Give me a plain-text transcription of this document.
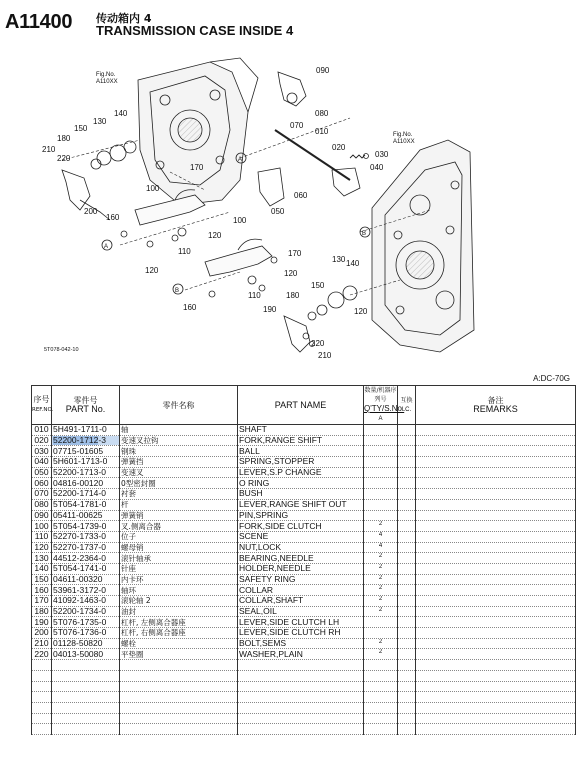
A11400 传动箱内 4
TRANSMISSION CASE INSIDE 4
A
A
B
B
Fig.No.
A110XX
Fig.No.
A110XX
010
020
030
040
050
060
070
080
090
100
100
110
110
120
120	120
120
130
130
140
140
150
150
160
160
170
170
180
180
190
200
210
210
220
220
5T078-042-10
A:DC-70G
序号
REF.NO.	零件号
PART No.	零件名称	PART NAME	数量/机器序列号
Q'TY/S.No.
A	互换
I.C.	备注
REMARKS
010	5H491-1711-0	轴	SHAFT			
020	52200-1712-3	变速叉拉钩	FORK,RANGE SHIFT			
030	07715-01605	钢珠	BALL			
040	5H601-1713-0	弹簧挡	SPRING,STOPPER			
050	52200-1713-0	变速叉	LEVER,S.P CHANGE			
060	04816-00120	0型密封圈	O RING			
070	52200-1714-0	衬套	BUSH			
080	5T054-1781-0	杆	LEVER,RANGE SHIFT OUT			
090	05411-00625	弹簧销	PIN,SPRING			
100	5T054-1739-0	叉.侧离合器	FORK,SIDE CLUTCH	2		
110	52270-1733-0	位子	SCENE	4		
120	52270-1737-0	螺母销	NUT,LOCK	4		
130	44512-2364-0	滚针轴承	BEARING,NEEDLE	2		
140	5T054-1741-0	针座	HOLDER,NEEDLE	2		
150	04611-00320	内卡环	SAFETY RING	2		
160	53961-3172-0	轴环	COLLAR	2		
170	41092-1463-0	滚轮轴 2	COLLAR,SHAFT	2		
180	52200-1734-0	油封	SEAL,OIL	2		
190	5T076-1735-0	杠杆, 左侧离合器座	LEVER,SIDE CLUTCH LH			
200	5T076-1736-0	杠杆, 右侧离合器座	LEVER,SIDE CLUTCH RH			
210	01128-50820	螺栓	BOLT,SEMS	2		
220	04013-50080	平垫圈	WASHER,PLAIN	2		
